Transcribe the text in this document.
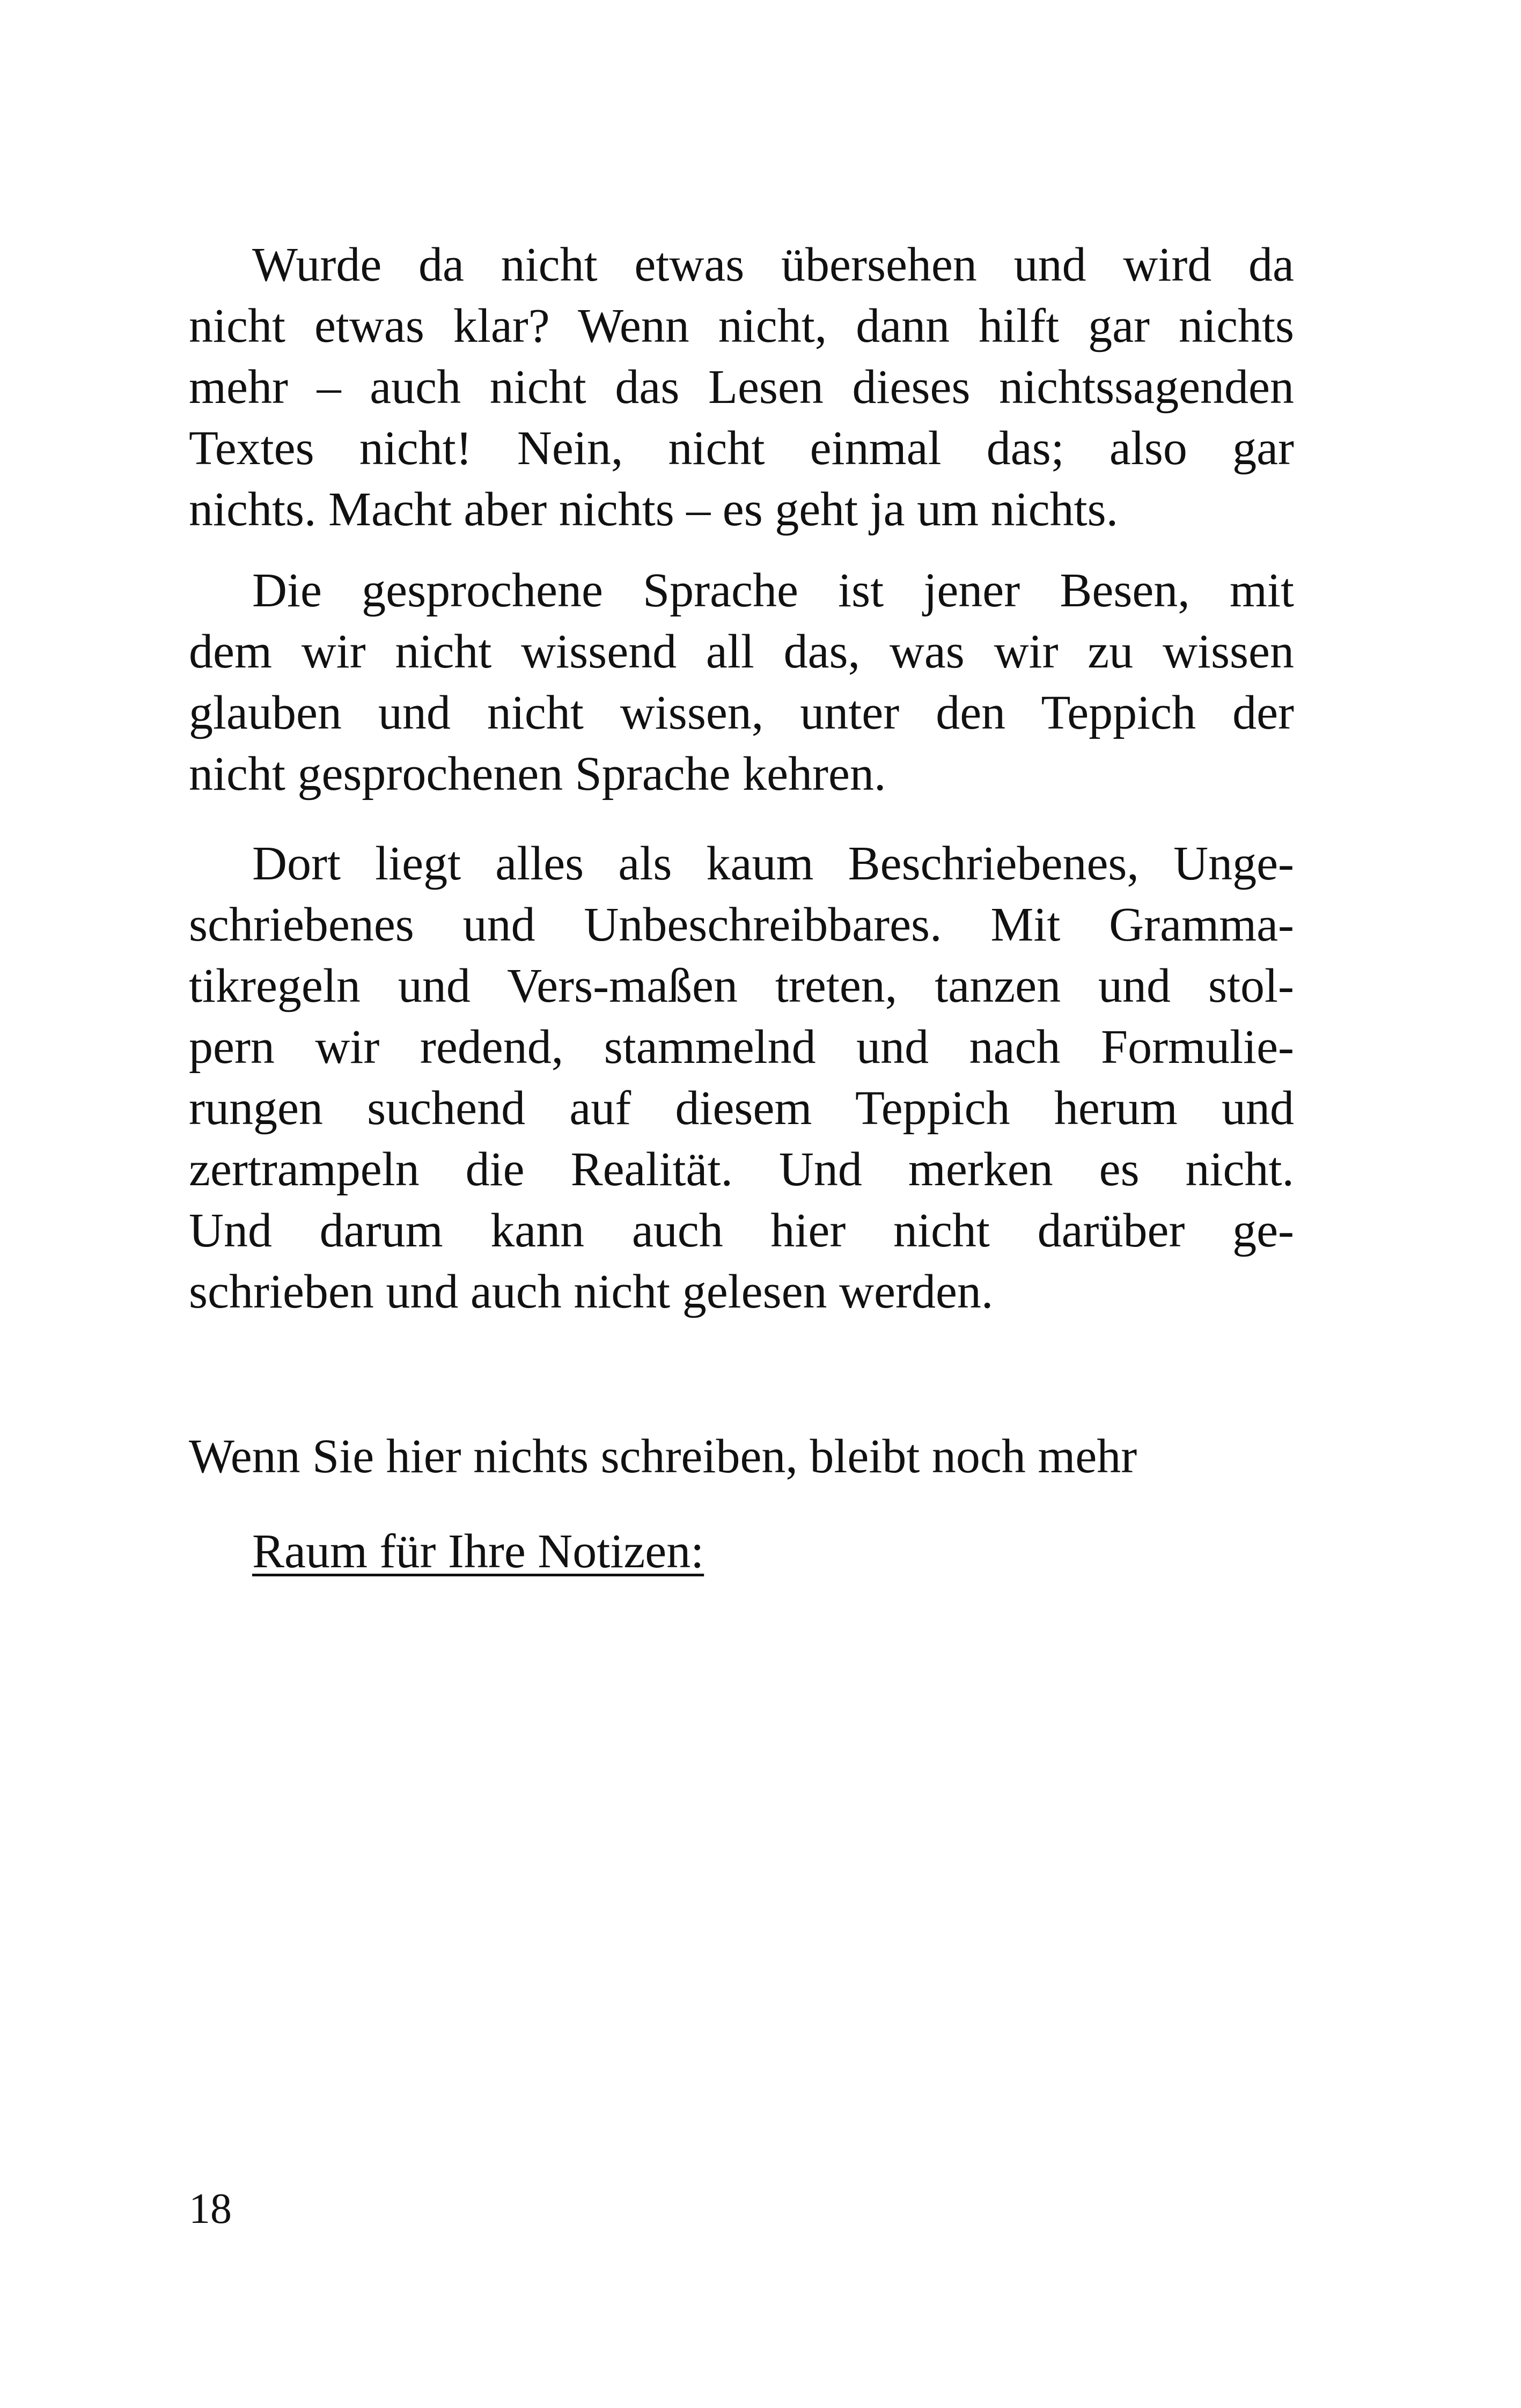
Wurde da nicht etwas übersehen und wird da
nicht etwas klar? Wenn nicht, dann hilft gar nichts
mehr – auch nicht das Lesen dieses nichtssagenden
Textes nicht! Nein, nicht einmal das; also gar
nichts. Macht aber nichts – es geht ja um nichts.
Die gesprochene Sprache ist jener Besen, mit
dem wir nicht wissend all das, was wir zu wissen
glauben und nicht wissen, unter den Teppich der
nicht gesprochenen Sprache kehren.
Dort liegt alles als kaum Beschriebenes, Unge-
schriebenes und Unbeschreibbares. Mit Gramma-
tikregeln und Vers-maßen treten, tanzen und stol-
pern wir redend, stammelnd und nach Formulie-
rungen suchend auf diesem Teppich herum und
zertrampeln die Realität. Und merken es nicht.
Und darum kann auch hier nicht darüber ge-
schrieben und auch nicht gelesen werden.
Wenn Sie hier nichts schreiben, bleibt noch mehr
Raum für Ihre Notizen:
18
